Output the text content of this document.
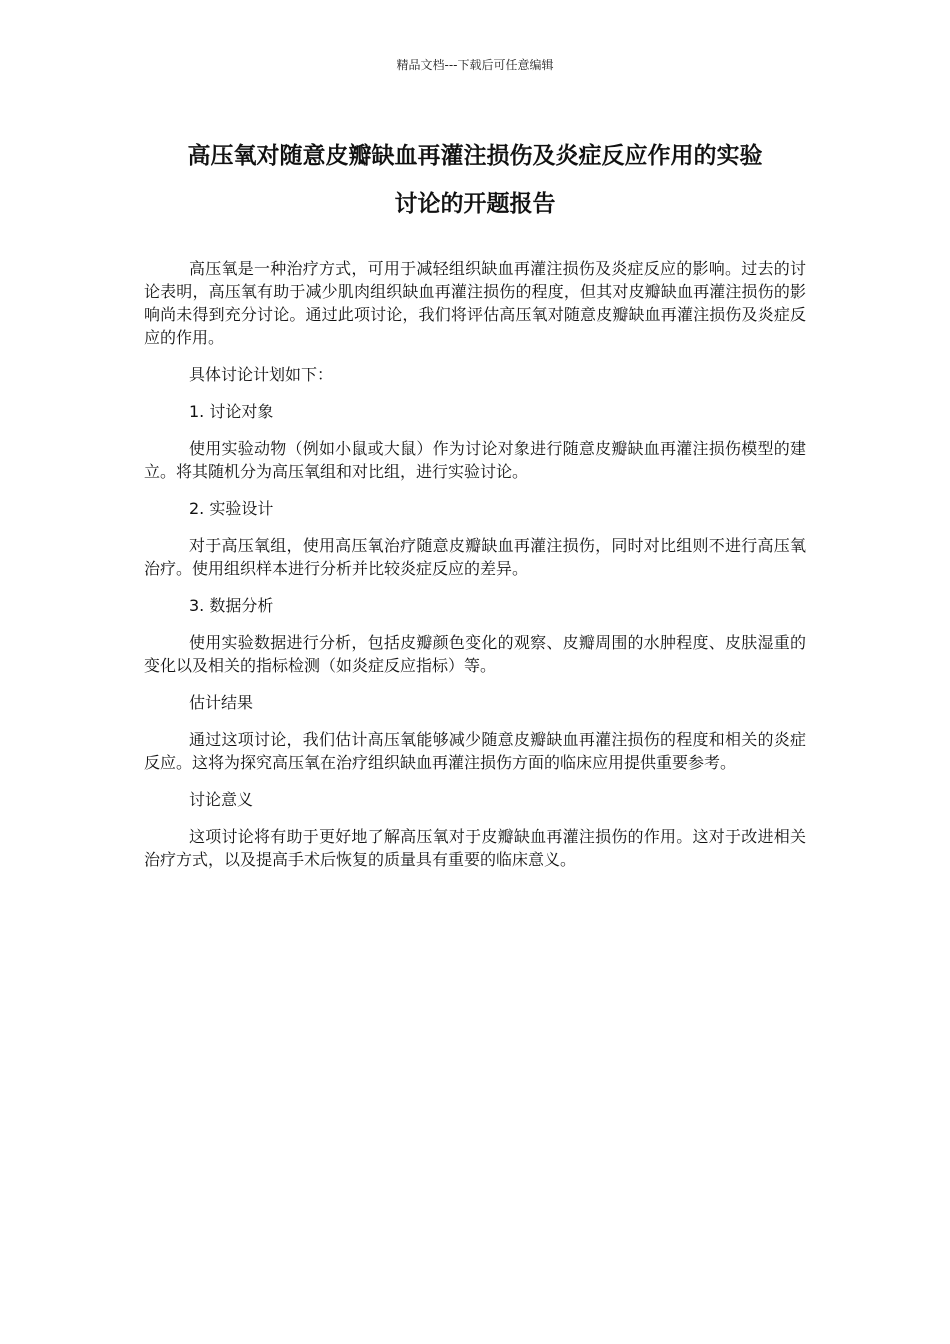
精品文档---下载后可任意编辑
高压氧对随意皮瓣缺血再灌注损伤及炎症反应作用的实验
讨论的开题报告

高压氧是一种治疗方式，可用于减轻组织缺血再灌注损伤及炎症反应的影响。过去的讨论表明，高压氧有助于减少肌肉组织缺血再灌注损伤的程度，但其对皮瓣缺血再灌注损伤的影响尚未得到充分讨论。通过此项讨论，我们将评估高压氧对随意皮瓣缺血再灌注损伤及炎症反应的作用。

具体讨论计划如下：

1. 讨论对象

使用实验动物（例如小鼠或大鼠）作为讨论对象进行随意皮瓣缺血再灌注损伤模型的建立。将其随机分为高压氧组和对比组，进行实验讨论。

2. 实验设计

对于高压氧组，使用高压氧治疗随意皮瓣缺血再灌注损伤，同时对比组则不进行高压氧治疗。使用组织样本进行分析并比较炎症反应的差异。

3. 数据分析

使用实验数据进行分析，包括皮瓣颜色变化的观察、皮瓣周围的水肿程度、皮肤湿重的变化以及相关的指标检测（如炎症反应指标）等。

估计结果

通过这项讨论，我们估计高压氧能够减少随意皮瓣缺血再灌注损伤的程度和相关的炎症反应。这将为探究高压氧在治疗组织缺血再灌注损伤方面的临床应用提供重要参考。

讨论意义

这项讨论将有助于更好地了解高压氧对于皮瓣缺血再灌注损伤的作用。这对于改进相关治疗方式，以及提高手术后恢复的质量具有重要的临床意义。
